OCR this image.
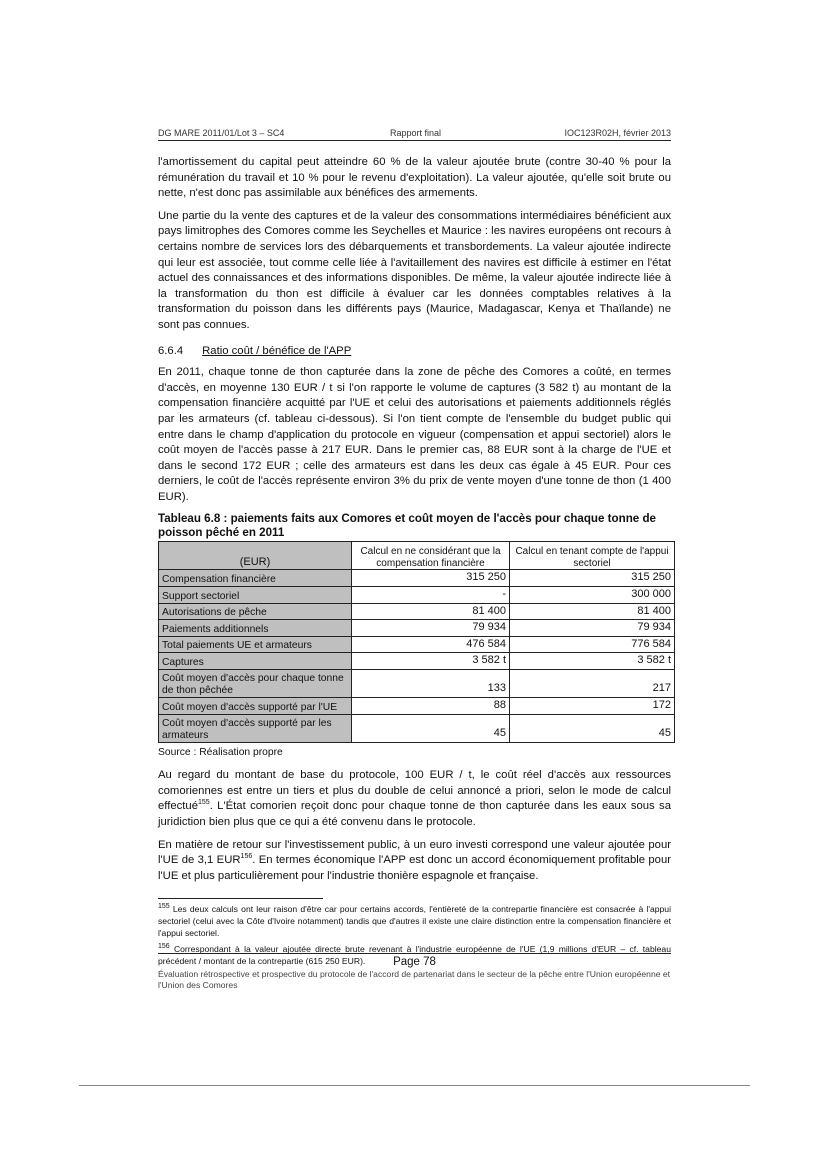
DG MARE 2011/01/Lot 3 – SC4	Rapport final	IOC123R02H, février 2013

l'amortissement du capital peut atteindre 60 % de la valeur ajoutée brute (contre 30-40 % pour la rémunération du travail et 10 % pour le revenu d'exploitation). La valeur ajoutée, qu'elle soit brute ou nette, n'est donc pas assimilable aux bénéfices des armements.

Une partie du la vente des captures et de la valeur des consommations intermédiaires bénéficient aux pays limitrophes des Comores comme les Seychelles et Maurice : les navires européens ont recours à certains nombre de services lors des débarquements et transbordements. La valeur ajoutée indirecte qui leur est associée, tout comme celle liée à l'avitaillement des navires est difficile à estimer en l'état actuel des connaissances et des informations disponibles. De même, la valeur ajoutée indirecte liée à la transformation du thon est difficile à évaluer car les données comptables relatives à la transformation du poisson dans les différents pays (Maurice, Madagascar, Kenya et Thaïlande) ne sont pas connues.

6.6.4 Ratio coût / bénéfice de l'APP

En 2011, chaque tonne de thon capturée dans la zone de pêche des Comores a coûté, en termes d'accès, en moyenne 130 EUR / t si l'on rapporte le volume de captures (3 582 t) au montant de la compensation financière acquitté par l'UE et celui des autorisations et paiements additionnels réglés par les armateurs (cf. tableau ci-dessous). Si l'on tient compte de l'ensemble du budget public qui entre dans le champ d'application du protocole en vigueur (compensation et appui sectoriel) alors le coût moyen de l'accès passe à 217 EUR. Dans le premier cas, 88 EUR sont à la charge de l'UE et dans le second 172 EUR ; celle des armateurs est dans les deux cas égale à 45 EUR. Pour ces derniers, le coût de l'accès représente environ 3% du prix de vente moyen d'une tonne de thon (1 400 EUR).

Tableau 6.8 : paiements faits aux Comores et coût moyen de l'accès pour chaque tonne de poisson pêché en 2011
(EUR)	Calcul en ne considérant que la compensation financière	Calcul en tenant compte de l'appui sectoriel
Compensation financière	315 250	315 250
Support sectoriel	-	300 000
Autorisations de pêche	81 400	81 400
Paiements additionnels	79 934	79 934
Total paiements UE et armateurs	476 584	776 584
Captures	3 582 t	3 582 t
Coût moyen d'accès pour chaque tonne de thon pêchée	133	217
Coût moyen d'accès supporté par l'UE	88	172
Coût moyen d'accès supporté par les armateurs	45	45
Source : Réalisation propre

Au regard du montant de base du protocole, 100 EUR / t, le coût réel d'accès aux ressources comoriennes est entre un tiers et plus du double de celui annoncé a priori, selon le mode de calcul effectué$^{155}$. L'État comorien reçoit donc pour chaque tonne de thon capturée dans les eaux sous sa juridiction bien plus que ce qui a été convenu dans le protocole.

En matière de retour sur l'investissement public, à un euro investi correspond une valeur ajoutée pour l'UE de 3,1 EUR$^{156}$. En termes économique l'APP est donc un accord économiquement profitable pour l'UE et plus particulièrement pour l'industrie thonière espagnole et française.

$^{155}$ Les deux calculs ont leur raison d'être car pour certains accords, l'entièreté de la contrepartie financière est consacrée à l'appui sectoriel (celui avec la Côte d'Ivoire notamment) tandis que d'autres il existe une claire distinction entre la compensation financière et l'appui sectoriel.
$^{156}$ Correspondant à la valeur ajoutée directe brute revenant à l'industrie européenne de l'UE (1,9 millions d'EUR – cf. tableau précédent / montant de la contrepartie (615 250 EUR).	Page 78
Évaluation rétrospective et prospective du protocole de l'accord de partenariat dans le secteur de la pêche entre l'Union européenne et l'Union des Comores
